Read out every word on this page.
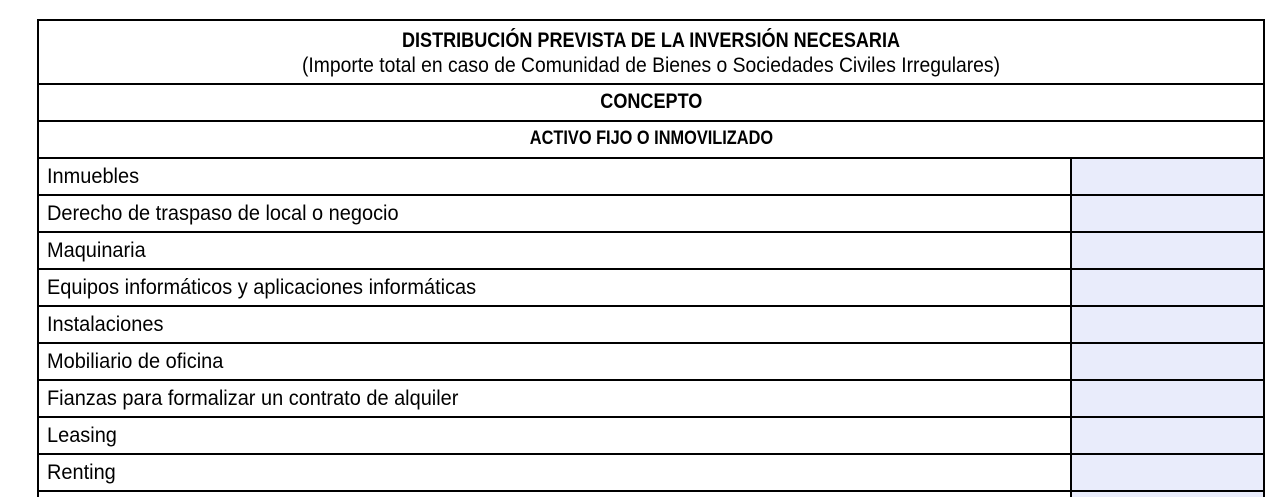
DISTRIBUCIÓN PREVISTA DE LA INVERSIÓN NECESARIA
(Importe total en caso de Comunidad de Bienes o Sociedades Civiles Irregulares)
CONCEPTO
ACTIVO FIJO O INMOVILIZADO
Inmuebles
Derecho de traspaso de local o negocio
Maquinaria
Equipos informáticos y aplicaciones informáticas
Instalaciones
Mobiliario de oficina
Fianzas para formalizar un contrato de alquiler
Leasing
Renting
